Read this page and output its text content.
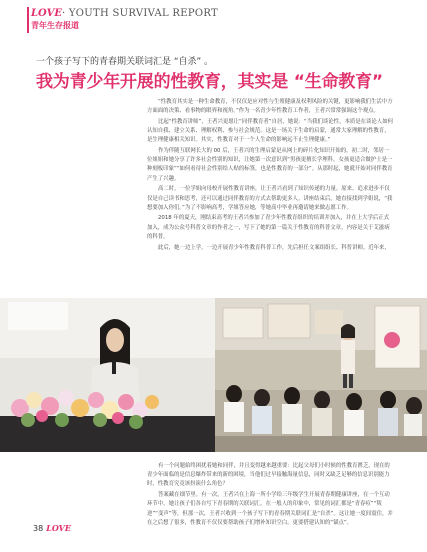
LOVE· YOUTH SURVIVAL REPORT
青年生存报道
一个孩子写下的青春期关联词汇是 “自杀” 。
我为青少年开展的性教育，其实是 “生命教育”

“性教育其实是一种生命教育，不仅仅是应对性与生殖健康及权利风险的关键，更影响我们生活中方方面面的决策、看事物的眼界和视角。”作为一名青少年性教育工作者，王者兴常常强调这个观点。

比起“性教育讲师”，王者兴更愿让“同伴教育者”自居，她说：“当我们谈论性，本质是在谈论人如何认知自我、建立关系、理解权利、参与社会规范。这是一场关于生命的启蒙，通常大家理解的性教育，是生理健康相关知识。其实，性教育对于一个人生命的影响远不止生理健康。”

作为伴随互联网长大的 00 后，王者兴的生理启蒙是从网上的碎片化知识开始的。初二时，邻居一位姐姐和她分享了许多社会性别的知识，让她第一次意识到“男孩更擅长学理科，女孩更适合做护士是一种刻板印象”“如何看待社会性别给人贴的标签，也是性教育的一部分”。从那时起，她就开始对同伴教育产生了兴趣。

高二时，一位学姐向母校开展性教育讲座，让王者兴看到了知识传递的力量。原来，追求进步不仅仅是自己读书和思考，还可以通过同伴教育的方式去帮助更多人。讲座结束后，她直接找到学姐说，“我想要加入你们。”为了不影响高考，学姐答应她，等她高中毕业再邀请她来做志愿工作。

2018 年的夏天，刚结束高考的王者兴参加了青少年性教育组织的培训并加入，并在上大学后正式加入，成为公众号科普文章的作者之一，写下了她的第一篇关于性教育的科普文章，内容是关于艾滋病的科普。

此后，她一边上学，一边开展青少年性教育科普工作，先后担任文案组组长、科普讲师。近年来，

有一个问题始终困扰着她和同伴，并且变得越来越重要：比起父母们小时候的性教育匮乏，现在的青少年面临的是信息爆炸带来的新的困境，当他们过早接触海量信息，同时又缺乏足够的信息识别能力时，性教育究竟该扮演什么角色？

答案藏在细节里。有一次，王者兴在上海一所小学给三年级学生开展青春期健康讲座，在一个互动环节中，她让孩子们各自写下青春期的关联词汇。在一般人的印象中，常见的词汇都是“青春痘”“叛逆”“变声”等，但那一次，王者兴收到一个孩子写下的青春期关联词汇是“自杀”。这让她一度间震住，并在之后想了很多，性教育不仅仅要帮助孩子们增补知识空白，更要搭建认知的“锚点”。

38 LOVE
